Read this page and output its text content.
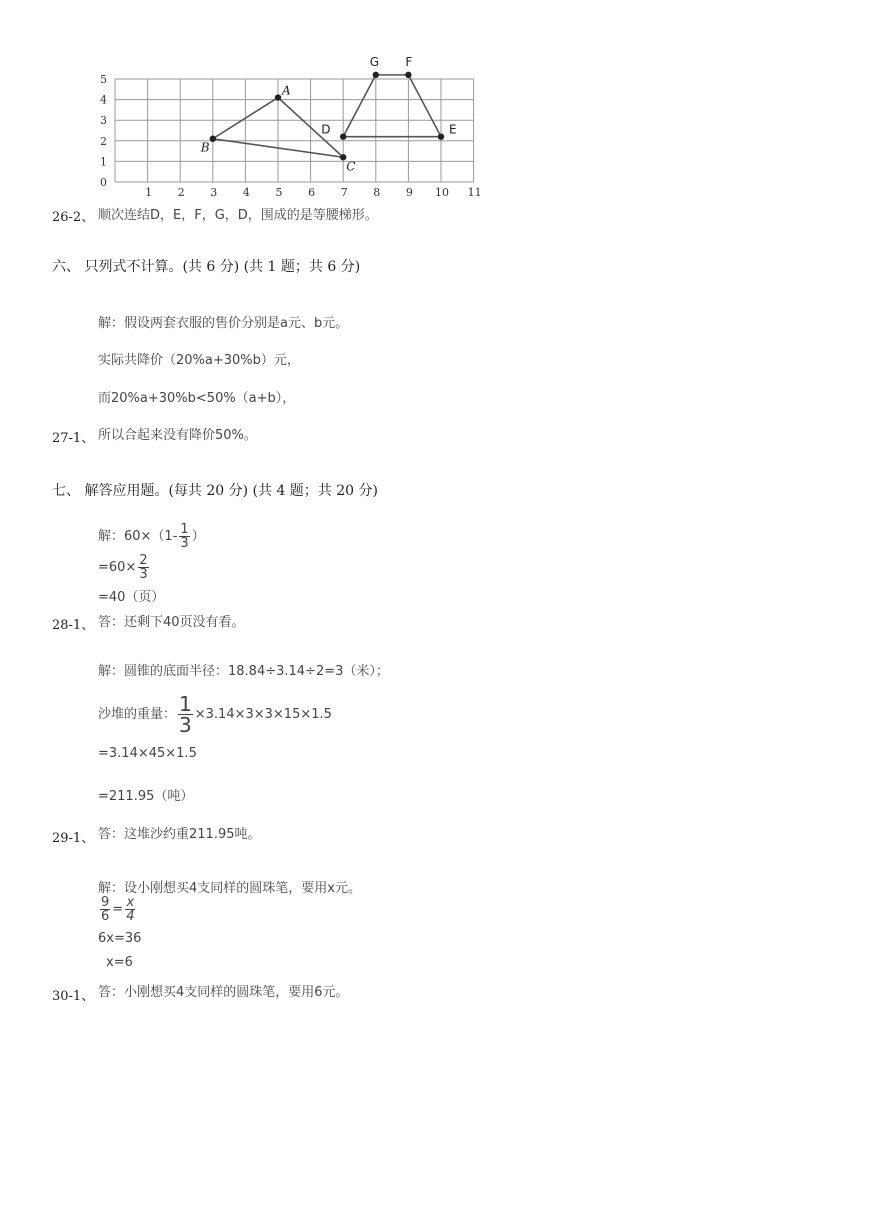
1 2 3 4 5 6 7 8 9 10 11
0
1
2
3
4
5
A
B
C
D	E
F
G
26-2、 顺次连结D，E，F，G，D，围成的是等腰梯形。
六、 只列式不计算。(共 6 分) (共 1 题；共 6 分)
解：假设两套衣服的售价分别是a元、b元。
实际共降价（20%a+30%b）元，
而20%a+30%b<50%（a+b），
27-1、 所以合起来没有降价50%。
七、 解答应用题。(每共 20 分) (共 4 题；共 20 分)
解：$60\times(1- \frac{1}{3}$ ）
$=60\times \frac{2}{3}$
=40（页）
28-1、 答：还剩下40页没有看。
解：圆锥的底面半径：18.84÷3.14÷2=3（米）；
沙堆的重量： $\frac{1}{3} \times 3.14\times 3\times 3\times 15\times 1.5$
=3.14×45×1.5
=211.95（吨）
29-1、 答：这堆沙约重211.95吨。
解：设小刚想买4支同样的圆珠笔，要用x元。
$\frac{9}{6} = \frac{x}{4}$
6x=36
x=6
30-1、 答：小刚想买4支同样的圆珠笔，要用6元。
